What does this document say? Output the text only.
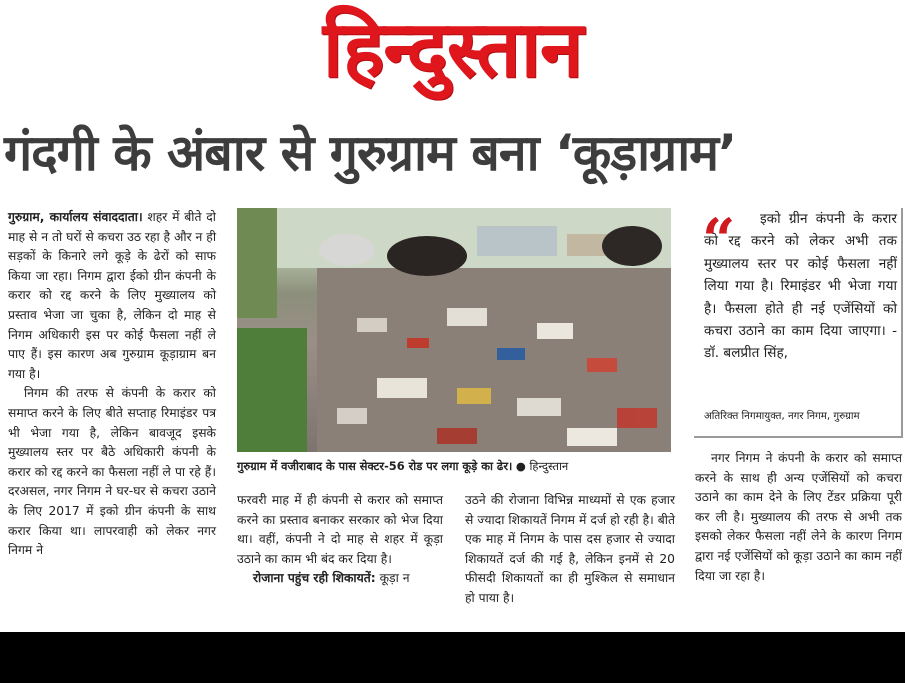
हिन्दुस्तान
गंदगी के अंबार से गुरुग्राम बना ‘कूड़ाग्राम’

गुरुग्राम, कार्यालय संवाददाता। शहर में बीते दो माह से न तो घरों से कचरा उठ रहा है और न ही सड़कों के किनारे लगे कूड़े के ढेरों को साफ किया जा रहा। निगम द्वारा ईको ग्रीन कंपनी के करार को रद्द करने के लिए मुख्यालय को प्रस्ताव भेजा जा चुका है, लेकिन दो माह से निगम अधिकारी इस पर कोई फैसला नहीं ले पाए हैं। इस कारण अब गुरुग्राम कूड़ाग्राम बन गया है।

निगम की तरफ से कंपनी के करार को समाप्त करने के लिए बीते सप्ताह रिमाइंडर पत्र भी भेजा गया है, लेकिन बावजूद इसके मुख्यालय स्तर पर बैठे अधिकारी कंपनी के करार को रद्द करने का फैसला नहीं ले पा रहे हैं। दरअसल, नगर निगम ने घर-घर से कचरा उठाने के लिए 2017 में इको ग्रीन कंपनी के साथ करार किया था। लापरवाही को लेकर नगर निगम ने

गुरुग्राम में वजीराबाद के पास सेक्टर-56 रोड पर लगा कूड़े का ढेर। ● हिन्दुस्तान

फरवरी माह में ही कंपनी से करार को समाप्त करने का प्रस्ताव बनाकर सरकार को भेज दिया था। वहीं, कंपनी ने दो माह से शहर में कूड़ा उठाने का काम भी बंद कर दिया है।

रोजाना पहुंच रही शिकायतें: कूड़ा न

उठने की रोजाना विभिन्न माध्यमों से एक हजार से ज्यादा शिकायतें निगम में दर्ज हो रही है। बीते एक माह में निगम के पास दस हजार से ज्यादा शिकायतें दर्ज की गई है, लेकिन इनमें से 20 फीसदी शिकायतों का ही मुश्किल से समाधान हो पाया है।

“	इको ग्रीन कंपनी के करार को रद्द करने को लेकर अभी तक मुख्यालय स्तर पर कोई फैसला नहीं लिया गया है। रिमाइंडर भी भेजा गया है। फैसला होते ही नई एजेंसियों को कचरा उठाने का काम दिया जाएगा। - डॉ. बलप्रीत सिंह,
अतिरिक्त निगमायुक्त, नगर निगम, गुरुग्राम

नगर निगम ने कंपनी के करार को समाप्त करने के साथ ही अन्य एजेंसियों को कचरा उठाने का काम देने के लिए टेंडर प्रक्रिया पूरी कर ली है। मुख्यालय की तरफ से अभी तक इसको लेकर फैसला नहीं लेने के कारण निगम द्वारा नई एजेंसियों को कूड़ा उठाने का काम नहीं दिया जा रहा है।
